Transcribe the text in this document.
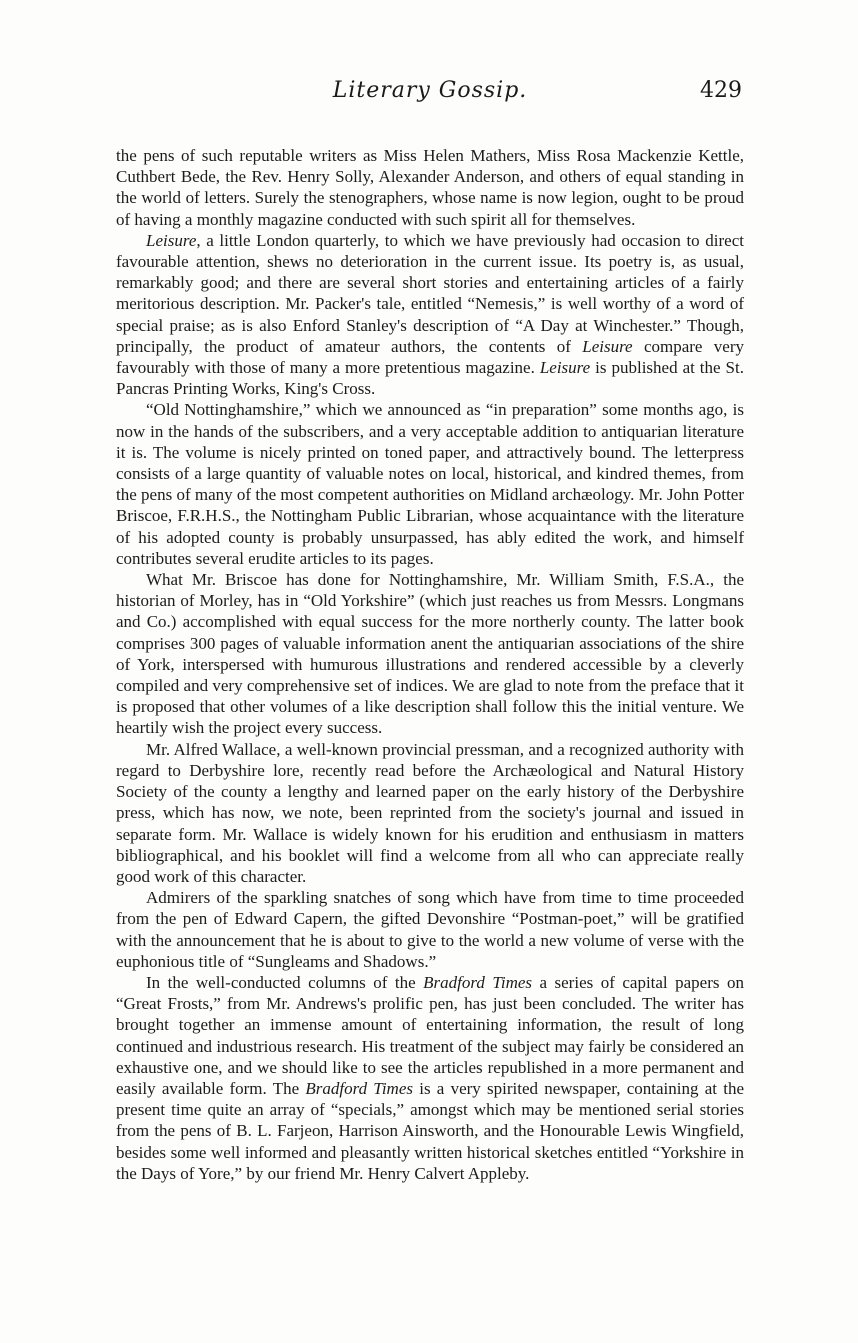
Literary Gossip.	429

the pens of such reputable writers as Miss Helen Mathers, Miss Rosa Mackenzie Kettle, Cuthbert Bede, the Rev. Henry Solly, Alexander Anderson, and others of equal standing in the world of letters. Surely the stenographers, whose name is now legion, ought to be proud of having a monthly magazine conducted with such spirit all for themselves.

Leisure, a little London quarterly, to which we have previously had occasion to direct favourable attention, shews no deterioration in the current issue. Its poetry is, as usual, remarkably good; and there are several short stories and entertaining articles of a fairly meritorious description. Mr. Packer's tale, entitled “Nemesis,” is well worthy of a word of special praise; as is also Enford Stanley's description of “A Day at Winchester.” Though, principally, the product of amateur authors, the contents of Leisure compare very favourably with those of many a more pretentious magazine. Leisure is published at the St. Pancras Printing Works, King's Cross.

“Old Nottinghamshire,” which we announced as “in preparation” some months ago, is now in the hands of the subscribers, and a very acceptable addition to antiquarian literature it is. The volume is nicely printed on toned paper, and attractively bound. The letterpress consists of a large quantity of valuable notes on local, historical, and kindred themes, from the pens of many of the most competent authorities on Midland archæology. Mr. John Potter Briscoe, F.R.H.S., the Nottingham Public Librarian, whose acquaintance with the literature of his adopted county is probably unsurpassed, has ably edited the work, and himself contributes several erudite articles to its pages.

What Mr. Briscoe has done for Nottinghamshire, Mr. William Smith, F.S.A., the historian of Morley, has in “Old Yorkshire” (which just reaches us from Messrs. Longmans and Co.) accomplished with equal success for the more northerly county. The latter book comprises 300 pages of valuable information anent the antiquarian associations of the shire of York, interspersed with humurous illustrations and rendered accessible by a cleverly compiled and very comprehensive set of indices. We are glad to note from the preface that it is proposed that other volumes of a like description shall follow this the initial venture. We heartily wish the project every success.

Mr. Alfred Wallace, a well-known provincial pressman, and a recognized authority with regard to Derbyshire lore, recently read before the Archæological and Natural History Society of the county a lengthy and learned paper on the early history of the Derbyshire press, which has now, we note, been reprinted from the society's journal and issued in separate form. Mr. Wallace is widely known for his erudition and enthusiasm in matters bibliographical, and his booklet will find a welcome from all who can appreciate really good work of this character.

Admirers of the sparkling snatches of song which have from time to time proceeded from the pen of Edward Capern, the gifted Devonshire “Postman-poet,” will be gratified with the announcement that he is about to give to the world a new volume of verse with the euphonious title of “Sungleams and Shadows.”

In the well-conducted columns of the Bradford Times a series of capital papers on “Great Frosts,” from Mr. Andrews's prolific pen, has just been concluded. The writer has brought together an immense amount of entertaining information, the result of long continued and industrious research. His treatment of the subject may fairly be considered an exhaustive one, and we should like to see the articles republished in a more permanent and easily available form. The Bradford Times is a very spirited newspaper, containing at the present time quite an array of “specials,” amongst which may be mentioned serial stories from the pens of B. L. Farjeon, Harrison Ainsworth, and the Honourable Lewis Wingfield, besides some well informed and pleasantly written historical sketches entitled “Yorkshire in the Days of Yore,” by our friend Mr. Henry Calvert Appleby.
